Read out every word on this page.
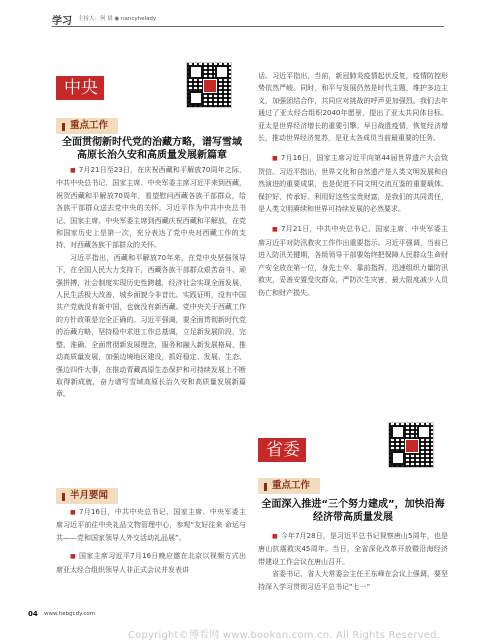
学习 主持人：何 晨 ◉ nancyhelady
中央
重点工作
全面贯彻新时代党的治藏方略，谱写雪域高原长治久安和高质量发展新篇章

■ 7月21日至23日，在庆祝西藏和平解放70周年之际，中共中央总书记、国家主席、中央军委主席习近平来到西藏，祝贺西藏和平解放70周年，看望慰问西藏各族干部群众，给各族干部群众送去党中央的关怀。习近平作为中共中央总书记、国家主席、中央军委主席到西藏庆祝西藏和平解放，在党和国家历史上是第一次，充分表达了党中央对西藏工作的支持、对西藏各族干部群众的关怀。

习近平指出，西藏和平解放70年来，在党中央坚强领导下，在全国人民大力支持下，西藏各族干部群众艰苦奋斗、顽强拼搏，社会制度实现历史性跨越，经济社会实现全面发展，人民生活极大改善，城乡面貌今非昔比。实践证明，没有中国共产党就没有新中国，也就没有新西藏。党中央关于西藏工作的方针政策是完全正确的。习近平强调，要全面贯彻新时代党的治藏方略，坚持稳中求进工作总基调，立足新发展阶段，完整、准确、全面贯彻新发展理念，服务和融入新发展格局，推动高质量发展，加强边境地区建设，抓好稳定、发展、生态、强边四件大事，在推动青藏高原生态保护和可持续发展上不断取得新成就，奋力谱写雪域高原长治久安和高质量发展新篇章。

半月要闻

■ 7月16日，中共中央总书记、国家主席、中央军委主席习近平前往中央礼品文物管理中心，参观“友好往来 命运与共——党和国家领导人外交活动礼品展”。

■ 国家主席习近平7月16日晚应邀在北京以视频方式出席亚太经合组织领导人非正式会议并发表讲

话。习近平指出，当前，新冠肺炎疫情起伏反复，疫情防控形势依然严峻。同时，和平与发展仍然是时代主题，维护多边主义，加强团结合作，共同应对挑战的呼声更加强烈。我们去年通过了亚太经合组织2040年愿景，提出了亚太共同体目标。亚太是世界经济增长的重要引擎。早日战胜疫情，恢复经济增长，推动世界经济复苏，是亚太各成员当前最重要的任务。

■ 7月16日，国家主席习近平向第44届世界遗产大会致贺信。习近平指出，世界文化和自然遗产是人类文明发展和自然演进的重要成果，也是促进不同文明交流互鉴的重要载体。保护好、传承好、利用好这些宝贵财富，是我们的共同责任，是人类文明赓续和世界可持续发展的必然要求。

■ 7月21日，中共中央总书记、国家主席、中央军委主席习近平对防汛救灾工作作出重要指示。习近平强调，当前已进入防汛关键期，各级领导干部要始终把保障人民群众生命财产安全放在第一位，身先士卒、靠前指挥，迅速组织力量防汛救灾，妥善安置受灾群众，严防次生灾害，最大限度减少人员伤亡和财产损失。

省委
重点工作
全面深入推进“三个努力建成”，加快沿海经济带高质量发展

■ 今年7月28日，是习近平总书记视察唐山5周年，也是唐山抗震救灾45周年。当日，全省深化改革开放暨沿海经济带建设工作会议在唐山召开。

省委书记、省人大常委会主任王东峰在会议上强调，要坚持深入学习贯彻习近平总书记“七一”

04 www.hebgcdy.com
Copyright©博看网 www.bookan.com.cn. All Rights Reserved.
